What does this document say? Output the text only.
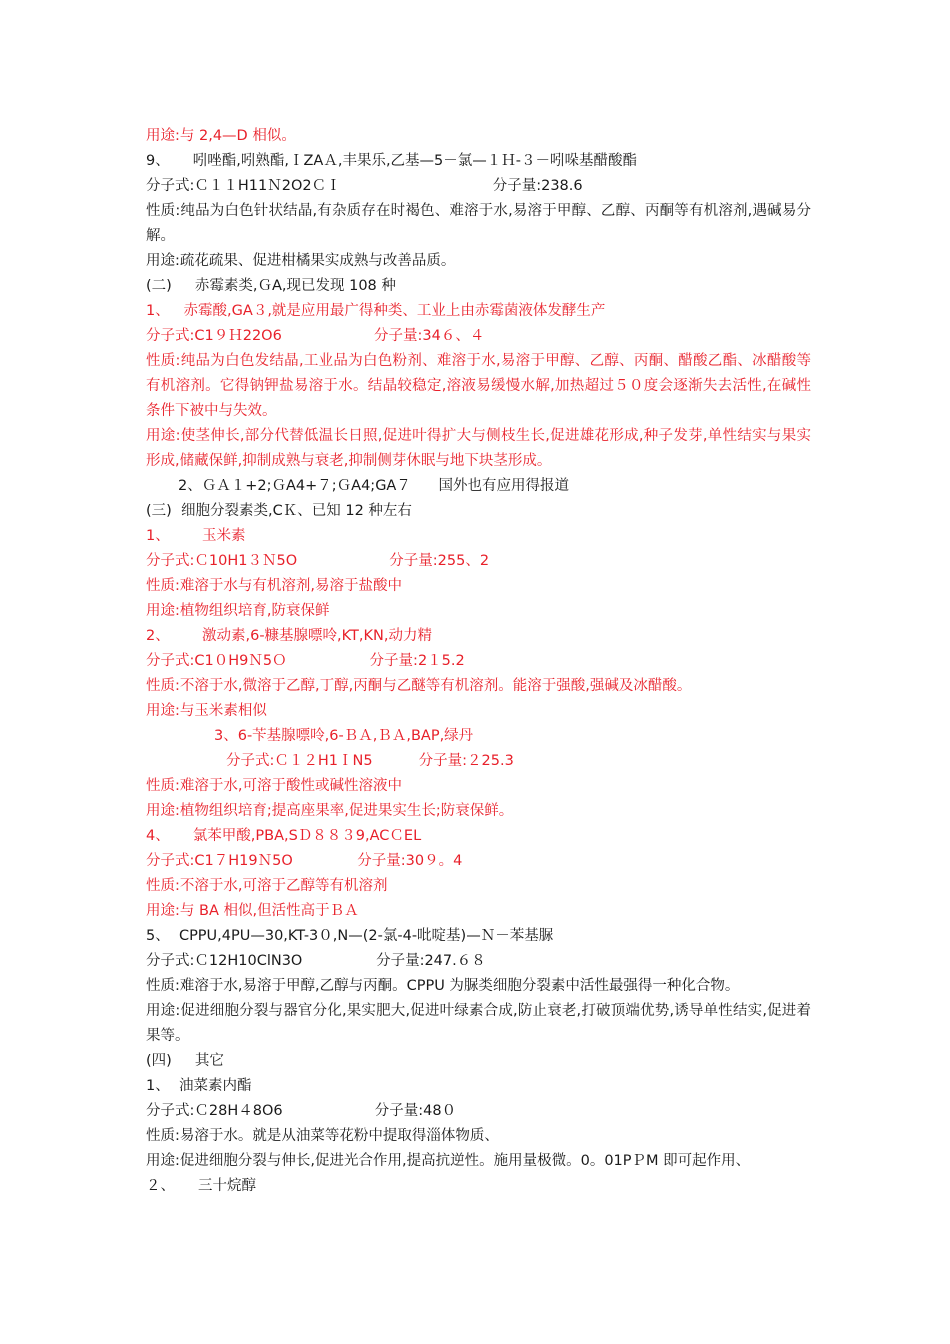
用途:与 2,4—D 相似。
9、     吲唑酯,吲熟酯,ＩZAＡ,丰果乐,乙基—5－氯—１Ｈ-３－吲哚基醋酸酯
分子式:Ｃ１１H11Ｎ2O2ＣＩ                                 分子量:238.6
性质:纯品为白色针状结晶,有杂质存在时褐色、难溶于水,易溶于甲醇、乙醇、丙酮等有机溶剂,遇碱易分解。
用途:疏花疏果、促进柑橘果实成熟与改善品质。
(二)     赤霉素类,ＧA,现已发现 108 种
1、   赤霉酸,GA３,就是应用最广得种类、工业上由赤霉菌液体发酵生产
分子式:C1９Ｈ22O6                    分子量:34６、４
性质:纯品为白色发结晶,工业品为白色粉剂、难溶于水,易溶于甲醇、乙醇、丙酮、醋酸乙酯、冰醋酸等有机溶剂。它得钠钾盐易溶于水。结晶较稳定,溶液易缓慢水解,加热超过５０度会逐渐失去活性,在碱性条件下被中与失效。
用途:使茎伸长,部分代替低温长日照,促进叶得扩大与侧枝生长,促进雄花形成,种子发芽,单性结实与果实形成,储藏保鲜,抑制成熟与衰老,抑制侧芽休眠与地下块茎形成。
2、ＧＡ１+2;ＧA4+７;ＧA4;GA７      国外也有应用得报道
(三)  细胞分裂素类,CＫ、已知 12 种左右
1、       玉米素
分子式:Ｃ10H1３Ｎ5O                    分子量:255、2
性质:难溶于水与有机溶剂,易溶于盐酸中
用途:植物组织培育,防衰保鲜
2、       激动素,6-糠基腺嘌呤,KT,KN,动力精
分子式:C1０H9Ｎ5Ｏ                  分子量:2１5.2
性质:不溶于水,微溶于乙醇,丁醇,丙酮与乙醚等有机溶剂。能溶于强酸,强碱及冰醋酸。
用途:与玉米素相似
3、6-苄基腺嘌呤,6-ＢＡ,ＢＡ,BAP,绿丹
分子式:Ｃ１２H1ＩN5          分子量:２25.3
性质:难溶于水,可溶于酸性或碱性溶液中
用途:植物组织培育;提高座果率,促进果实生长;防衰保鲜。
4、     氯苯甲酸,PBA,SＤ８８３9,ACＣEL
分子式:C1７H19Ｎ5O              分子量:30９。4
性质:不溶于水,可溶于乙醇等有机溶剂
用途:与 BA 相似,但活性高于ＢＡ
5、  CPPU,4PU—30,KT-3０,N—(2-氯-4-吡啶基)—Ｎ－苯基脲
分子式:Ｃ12H10ClN3O                分子量:247.６８
性质:难溶于水,易溶于甲醇,乙醇与丙酮。CPPU 为脲类细胞分裂素中活性最强得一种化合物。
用途:促进细胞分裂与器官分化,果实肥大,促进叶绿素合成,防止衰老,打破顶端优势,诱导单性结实,促进着果等。
(四)     其它
1、  油菜素内酯
分子式:Ｃ28H４8O6                    分子量:48０
性质:易溶于水。就是从油菜等花粉中提取得淄体物质、
用途:促进细胞分裂与伸长,促进光合作用,提高抗逆性。施用量极微。0。01PＰM 即可起作用、
２、     三十烷醇
